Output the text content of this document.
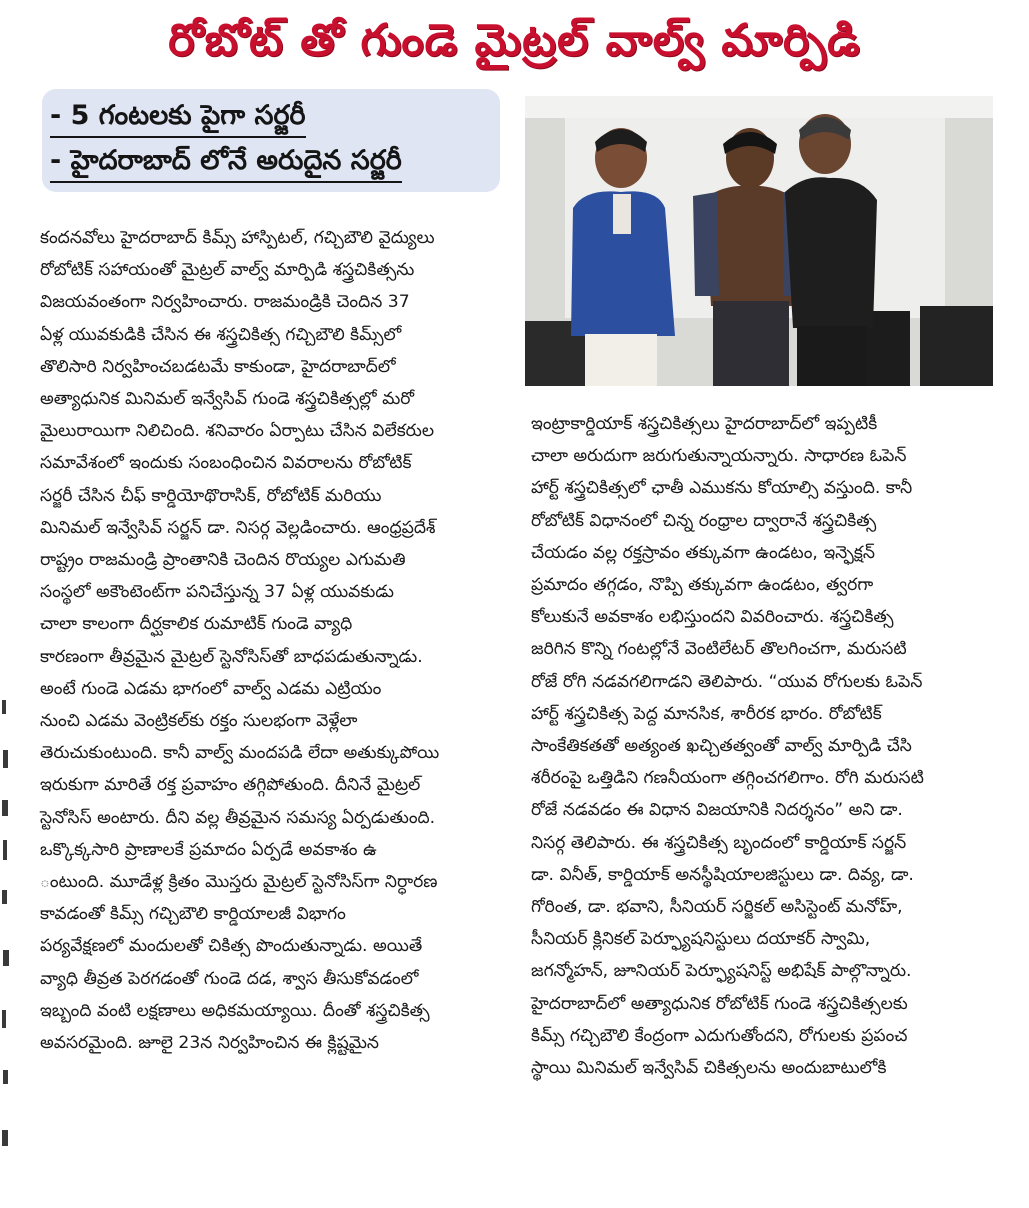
రోబోట్ తో గుండె మైట్రల్ వాల్వ్ మార్పిడి
- 5 గంటలకు పైగా సర్జరీ
- హైదరాబాద్ లోనే అరుదైన సర్జరీ

కందనవోలు హైదరాబాద్ కిమ్స్ హాస్పిటల్, గచ్చిబౌలి వైద్యులు

రోబోటిక్ సహాయంతో మైట్రల్ వాల్వ్ మార్పిడి శస్త్రచికిత్సను

విజయవంతంగా నిర్వహించారు. రాజమండ్రికి చెందిన 37

ఏళ్ల యువకుడికి చేసిన ఈ శస్త్రచికిత్స గచ్చిబౌలి కిమ్స్‌లో

తొలిసారి నిర్వహించబడటమే కాకుండా, హైదరాబాద్‌లో

అత్యాధునిక మినిమల్ ఇన్వేసివ్ గుండె శస్త్రచికిత్సల్లో మరో

మైలురాయిగా నిలిచింది. శనివారం ఏర్పాటు చేసిన విలేకరుల

సమావేశంలో ఇందుకు సంబంధించిన వివరాలను రోబోటిక్

సర్జరీ చేసిన చీఫ్ కార్డియోథొరాసిక్, రోబోటిక్ మరియు

మినిమల్ ఇన్వేసివ్ సర్జన్ డా. నిసర్గ వెల్లడించారు. ఆంధ్రప్రదేశ్

రాష్ట్రం రాజమండ్రి ప్రాంతానికి చెందిన రొయ్యల ఎగుమతి

సంస్థలో అకౌంటెంట్‌గా పనిచేస్తున్న 37 ఏళ్ల యువకుడు

చాలా కాలంగా దీర్ఘకాలిక రుమాటిక్ గుండె వ్యాధి

కారణంగా తీవ్రమైన మైట్రల్ స్టెనోసిస్‌తో బాధపడుతున్నాడు.

అంటే గుండె ఎడమ భాగంలో వాల్వ్ ఎడమ ఎట్రియం

నుంచి ఎడమ వెంట్రికల్‌కు రక్తం సులభంగా వెళ్లేలా

తెరుచుకుంటుంది. కానీ వాల్వ్ మందపడి లేదా అతుక్కుపోయి

ఇరుకుగా మారితే రక్త ప్రవాహం తగ్గిపోతుంది. దీనినే మైట్రల్

స్టెనోసిస్ అంటారు. దీని వల్ల తీవ్రమైన సమస్య ఏర్పడుతుంది.

ఒక్కొక్కసారి ప్రాణాలకే ప్రమాదం ఏర్పడే అవకాశం ఉ

ంటుంది. మూడేళ్ల క్రితం మొస్తరు మైట్రల్ స్టెనోసిస్‌గా నిర్ధారణ

కావడంతో కిమ్స్ గచ్చిబౌలి కార్డియాలజీ విభాగం

పర్యవేక్షణలో మందులతో చికిత్స పొందుతున్నాడు. అయితే

వ్యాధి తీవ్రత పెరగడంతో గుండె దడ, శ్వాస తీసుకోవడంలో

ఇబ్బంది వంటి లక్షణాలు అధికమయ్యాయి. దీంతో శస్త్రచికిత్స

అవసరమైంది. జూలై 23న నిర్వహించిన ఈ క్లిష్టమైన

ఇంట్రాకార్డియాక్ శస్త్రచికిత్సలు హైదరాబాద్‌లో ఇప్పటికీ

చాలా అరుదుగా జరుగుతున్నాయన్నారు. సాధారణ ఓపెన్

హార్ట్ శస్త్రచికిత్సలో ఛాతీ ఎముకను కోయాల్సి వస్తుంది. కానీ

రోబోటిక్ విధానంలో చిన్న రంధ్రాల ద్వారానే శస్త్రచికిత్స

చేయడం వల్ల రక్తస్రావం తక్కువగా ఉండటం, ఇన్ఫెక్షన్

ప్రమాదం తగ్గడం, నొప్పి తక్కువగా ఉండటం, త్వరగా

కోలుకునే అవకాశం లభిస్తుందని వివరించారు. శస్త్రచికిత్స

జరిగిన కొన్ని గంటల్లోనే వెంటిలేటర్ తొలగించగా, మరుసటి

రోజే రోగి నడవగలిగాడని తెలిపారు. “యువ రోగులకు ఓపెన్

హార్ట్ శస్త్రచికిత్స పెద్ద మానసిక, శారీరక భారం. రోబోటిక్

సాంకేతికతతో అత్యంత ఖచ్చితత్వంతో వాల్వ్ మార్పిడి చేసి

శరీరంపై ఒత్తిడిని గణనీయంగా తగ్గించగలిగాం. రోగి మరుసటి

రోజే నడవడం ఈ విధాన విజయానికి నిదర్శనం” అని డా.

నిసర్గ తెలిపారు. ఈ శస్త్రచికిత్స బృందంలో కార్డియాక్ సర్జన్

డా. వినీత్, కార్డియాక్ అనస్థీషియాలజిస్టులు డా. దివ్య, డా.

గోరింత, డా. భవాని, సీనియర్ సర్జికల్ అసిస్టెంట్ మనోహ్,

సీనియర్ క్లినికల్ పెర్ఫ్యూషనిస్టులు దయాకర్ స్వామి,

జగన్మోహన్, జూనియర్ పెర్ఫ్యూషనిస్ట్ అభిషేక్ పాల్గొన్నారు.

హైదరాబాద్‌లో అత్యాధునిక రోబోటిక్ గుండె శస్త్రచికిత్సలకు

కిమ్స్ గచ్చిబౌలి కేంద్రంగా ఎదుగుతోందని, రోగులకు ప్రపంచ

స్థాయి మినిమల్ ఇన్వేసివ్ చికిత్సలను అందుబాటులోకి
